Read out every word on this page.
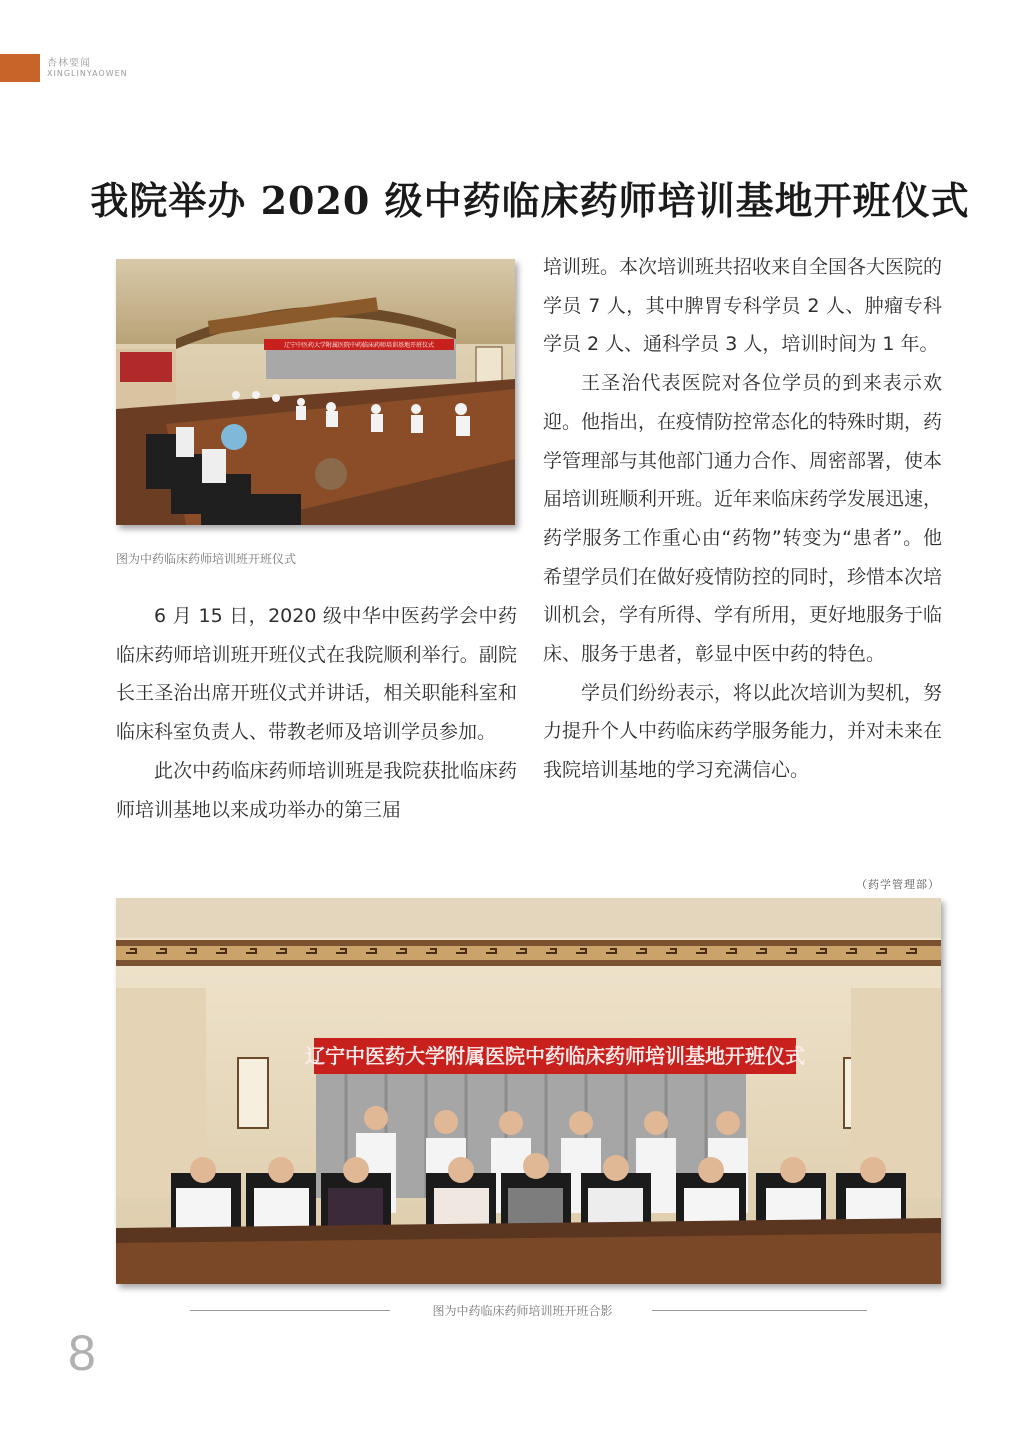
杏林要闻
XINGLINYAOWEN
我院举办 2020 级中药临床药师培训基地开班仪式
辽宁中医药大学附属医院中药临床药师培训基地开班仪式
图为中药临床药师培训班开班仪式

6 月 15 日，2020 级中华中医药学会中药临床药师培训班开班仪式在我院顺利举行。副院长王圣治出席开班仪式并讲话，相关职能科室和临床科室负责人、带教老师及培训学员参加。

此次中药临床药师培训班是我院获批临床药师培训基地以来成功举办的第三届

培训班。本次培训班共招收来自全国各大医院的学员 7 人，其中脾胃专科学员 2 人、肿瘤专科学员 2 人、通科学员 3 人，培训时间为 1 年。

王圣治代表医院对各位学员的到来表示欢迎。他指出，在疫情防控常态化的特殊时期，药学管理部与其他部门通力合作、周密部署，使本届培训班顺利开班。近年来临床药学发展迅速，药学服务工作重心由“药物”转变为“患者”。他希望学员们在做好疫情防控的同时，珍惜本次培训机会，学有所得、学有所用，更好地服务于临床、服务于患者，彰显中医中药的特色。

学员们纷纷表示，将以此次培训为契机，努力提升个人中药临床药学服务能力，并对未来在我院培训基地的学习充满信心。

（药学管理部）
辽宁中医药大学附属医院中药临床药师培训基地开班仪式
图为中药临床药师培训班开班合影
8
